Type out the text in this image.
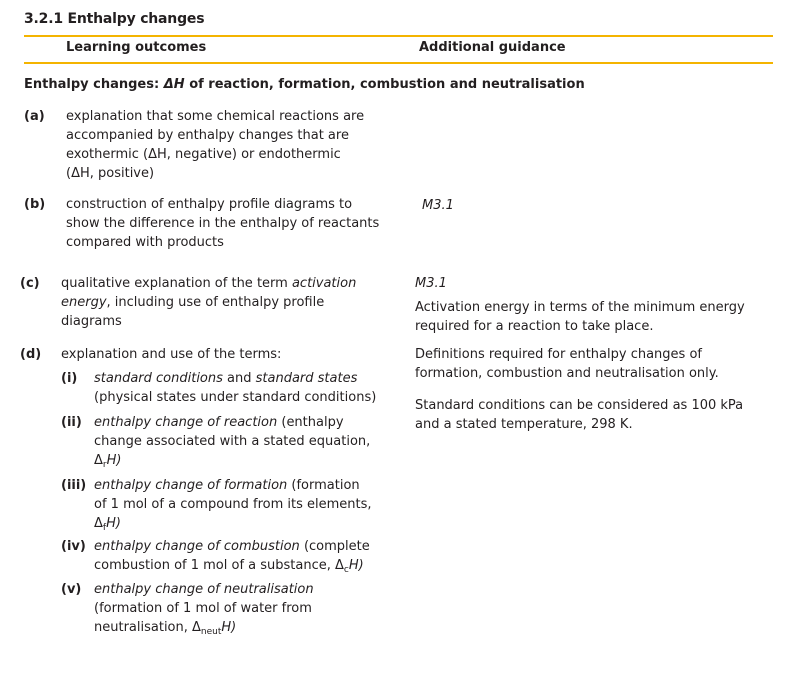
3.2.1 Enthalpy changes
Learning outcomes	Additional guidance
Enthalpy changes: ΔH of reaction, formation, combustion and neutralisation
(a) explanation that some chemical reactions are
accompanied by enthalpy changes that are
exothermic (ΔH, negative) or endothermic
(ΔH, positive)
(b) construction of enthalpy profile diagrams to
show the difference in the enthalpy of reactants
compared with products
M3.1
(c) qualitative explanation of the term activation
energy, including use of enthalpy profile
diagrams
M3.1
Activation energy in terms of the minimum energy
required for a reaction to take place.
(d) explanation and use of the terms:	Definitions required for enthalpy changes of
formation, combustion and neutralisation only.
Standard conditions can be considered as 100 kPa
and a stated temperature, 298 K.
(i) standard conditions and standard states
(physical states under standard conditions)
(ii) enthalpy change of reaction (enthalpy
change associated with a stated equation,
$\Delta_rH$)
(iii) enthalpy change of formation (formation
of 1 mol of a compound from its elements,
$\Delta_fH$)
(iv) enthalpy change of combustion (complete
combustion of 1 mol of a substance, $\Delta_cH$)
(v) enthalpy change of neutralisation
(formation of 1 mol of water from
neutralisation, $\Delta_{neut}H$)
